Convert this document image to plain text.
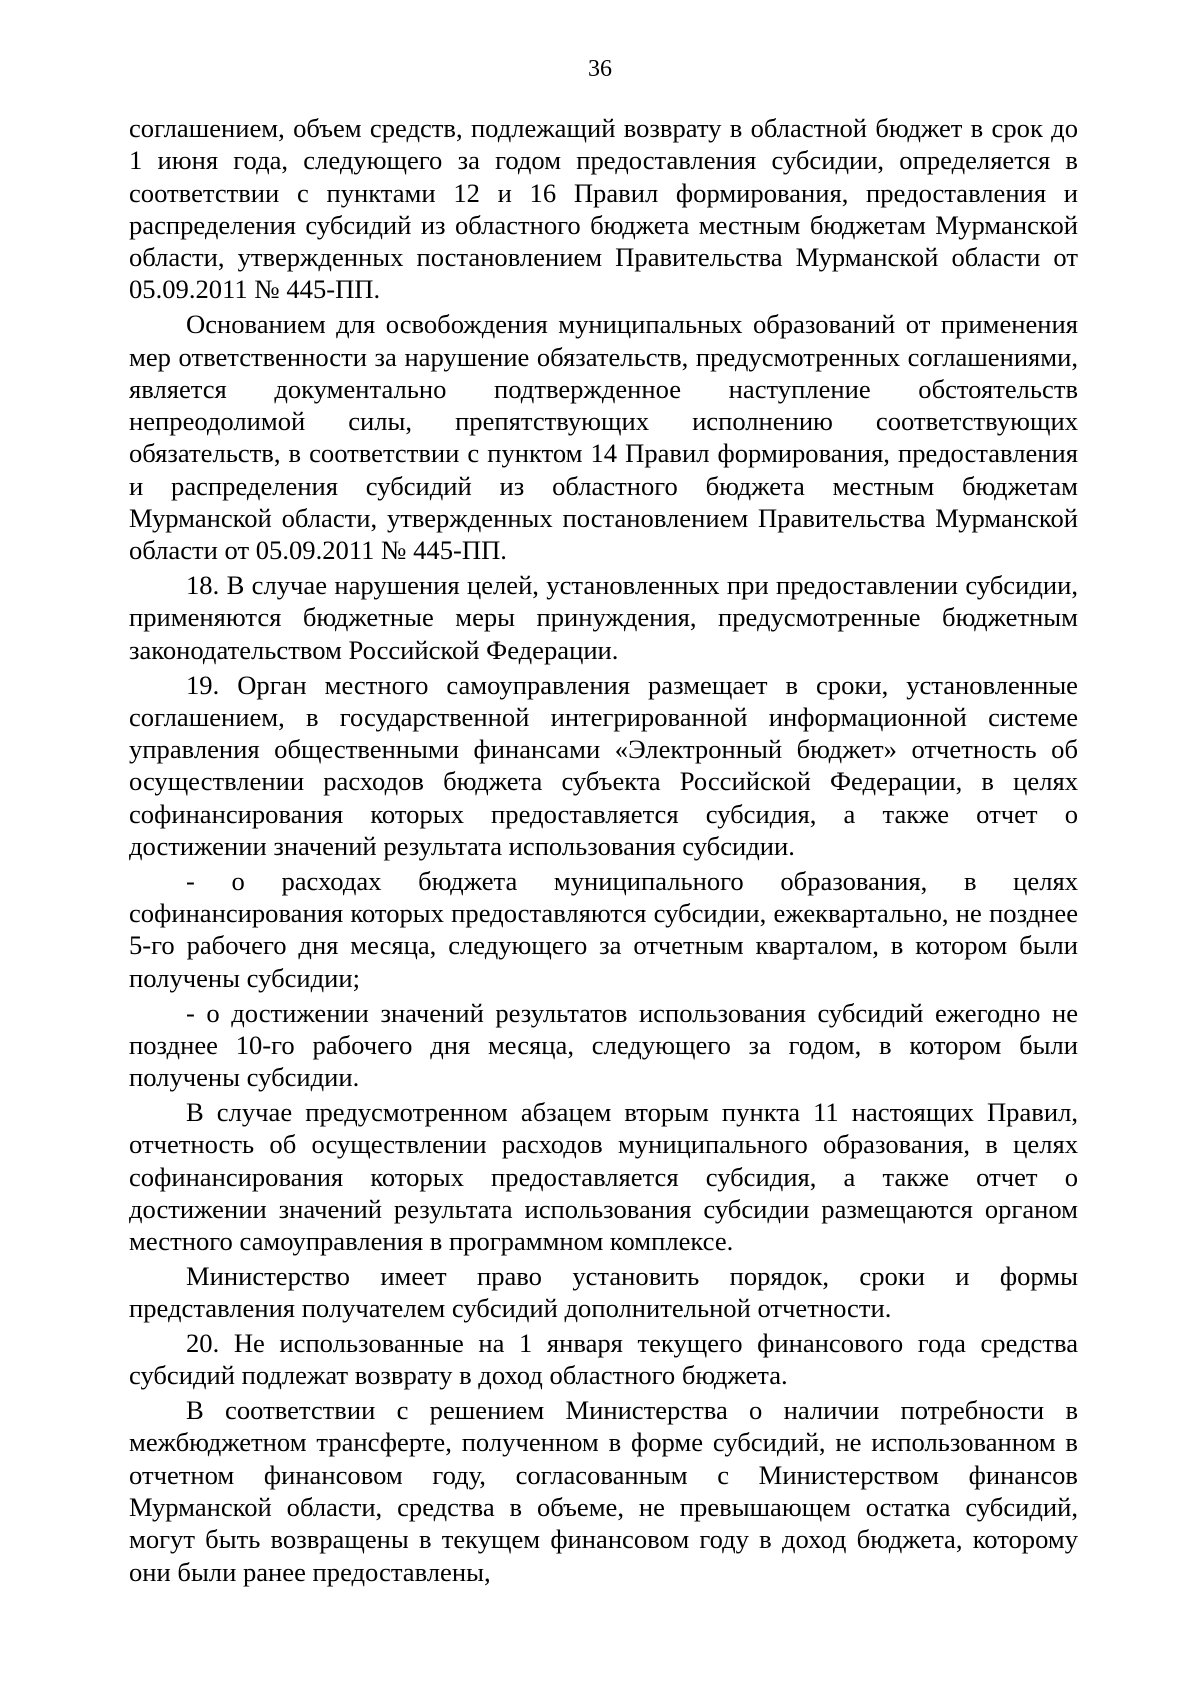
36

соглашением, объем средств, подлежащий возврату в областной бюджет в срок до 1 июня года, следующего за годом предоставления субсидии, определяется в соответствии с пунктами 12 и 16 Правил формирования, предоставления и распределения субсидий из областного бюджета местным бюджетам Мурманской области, утвержденных постановлением Правительства Мурманской области от 05.09.2011 № 445-ПП.

Основанием для освобождения муниципальных образований от применения мер ответственности за нарушение обязательств, предусмотренных соглашениями, является документально подтвержденное наступление обстоятельств непреодолимой силы, препятствующих исполнению соответствующих обязательств, в соответствии с пунктом 14 Правил формирования, предоставления и распределения субсидий из областного бюджета местным бюджетам Мурманской области, утвержденных постановлением Правительства Мурманской области от 05.09.2011 № 445-ПП.

18. В случае нарушения целей, установленных при предоставлении субсидии, применяются бюджетные меры принуждения, предусмотренные бюджетным законодательством Российской Федерации.

19. Орган местного самоуправления размещает в сроки, установленные соглашением, в государственной интегрированной информационной системе управления общественными финансами «Электронный бюджет» отчетность об осуществлении расходов бюджета субъекта Российской Федерации, в целях софинансирования которых предоставляется субсидия, а также отчет о достижении значений результата использования субсидии.

- о расходах бюджета муниципального образования, в целях софинансирования которых предоставляются субсидии, ежеквартально, не позднее 5-го рабочего дня месяца, следующего за отчетным кварталом, в котором были получены субсидии;

- о достижении значений результатов использования субсидий ежегодно не позднее 10-го рабочего дня месяца, следующего за годом, в котором были получены субсидии.

В случае предусмотренном абзацем вторым пункта 11 настоящих Правил, отчетность об осуществлении расходов муниципального образования, в целях софинансирования которых предоставляется субсидия, а также отчет о достижении значений результата использования субсидии размещаются органом местного самоуправления в программном комплексе.

Министерство имеет право установить порядок, сроки и формы представления получателем субсидий дополнительной отчетности.

20. Не использованные на 1 января текущего финансового года средства субсидий подлежат возврату в доход областного бюджета.

В соответствии с решением Министерства о наличии потребности в межбюджетном трансферте, полученном в форме субсидий, не использованном в отчетном финансовом году, согласованным с Министерством финансов Мурманской области, средства в объеме, не превышающем остатка субсидий, могут быть возвращены в текущем финансовом году в доход бюджета, которому они были ранее предоставлены,
